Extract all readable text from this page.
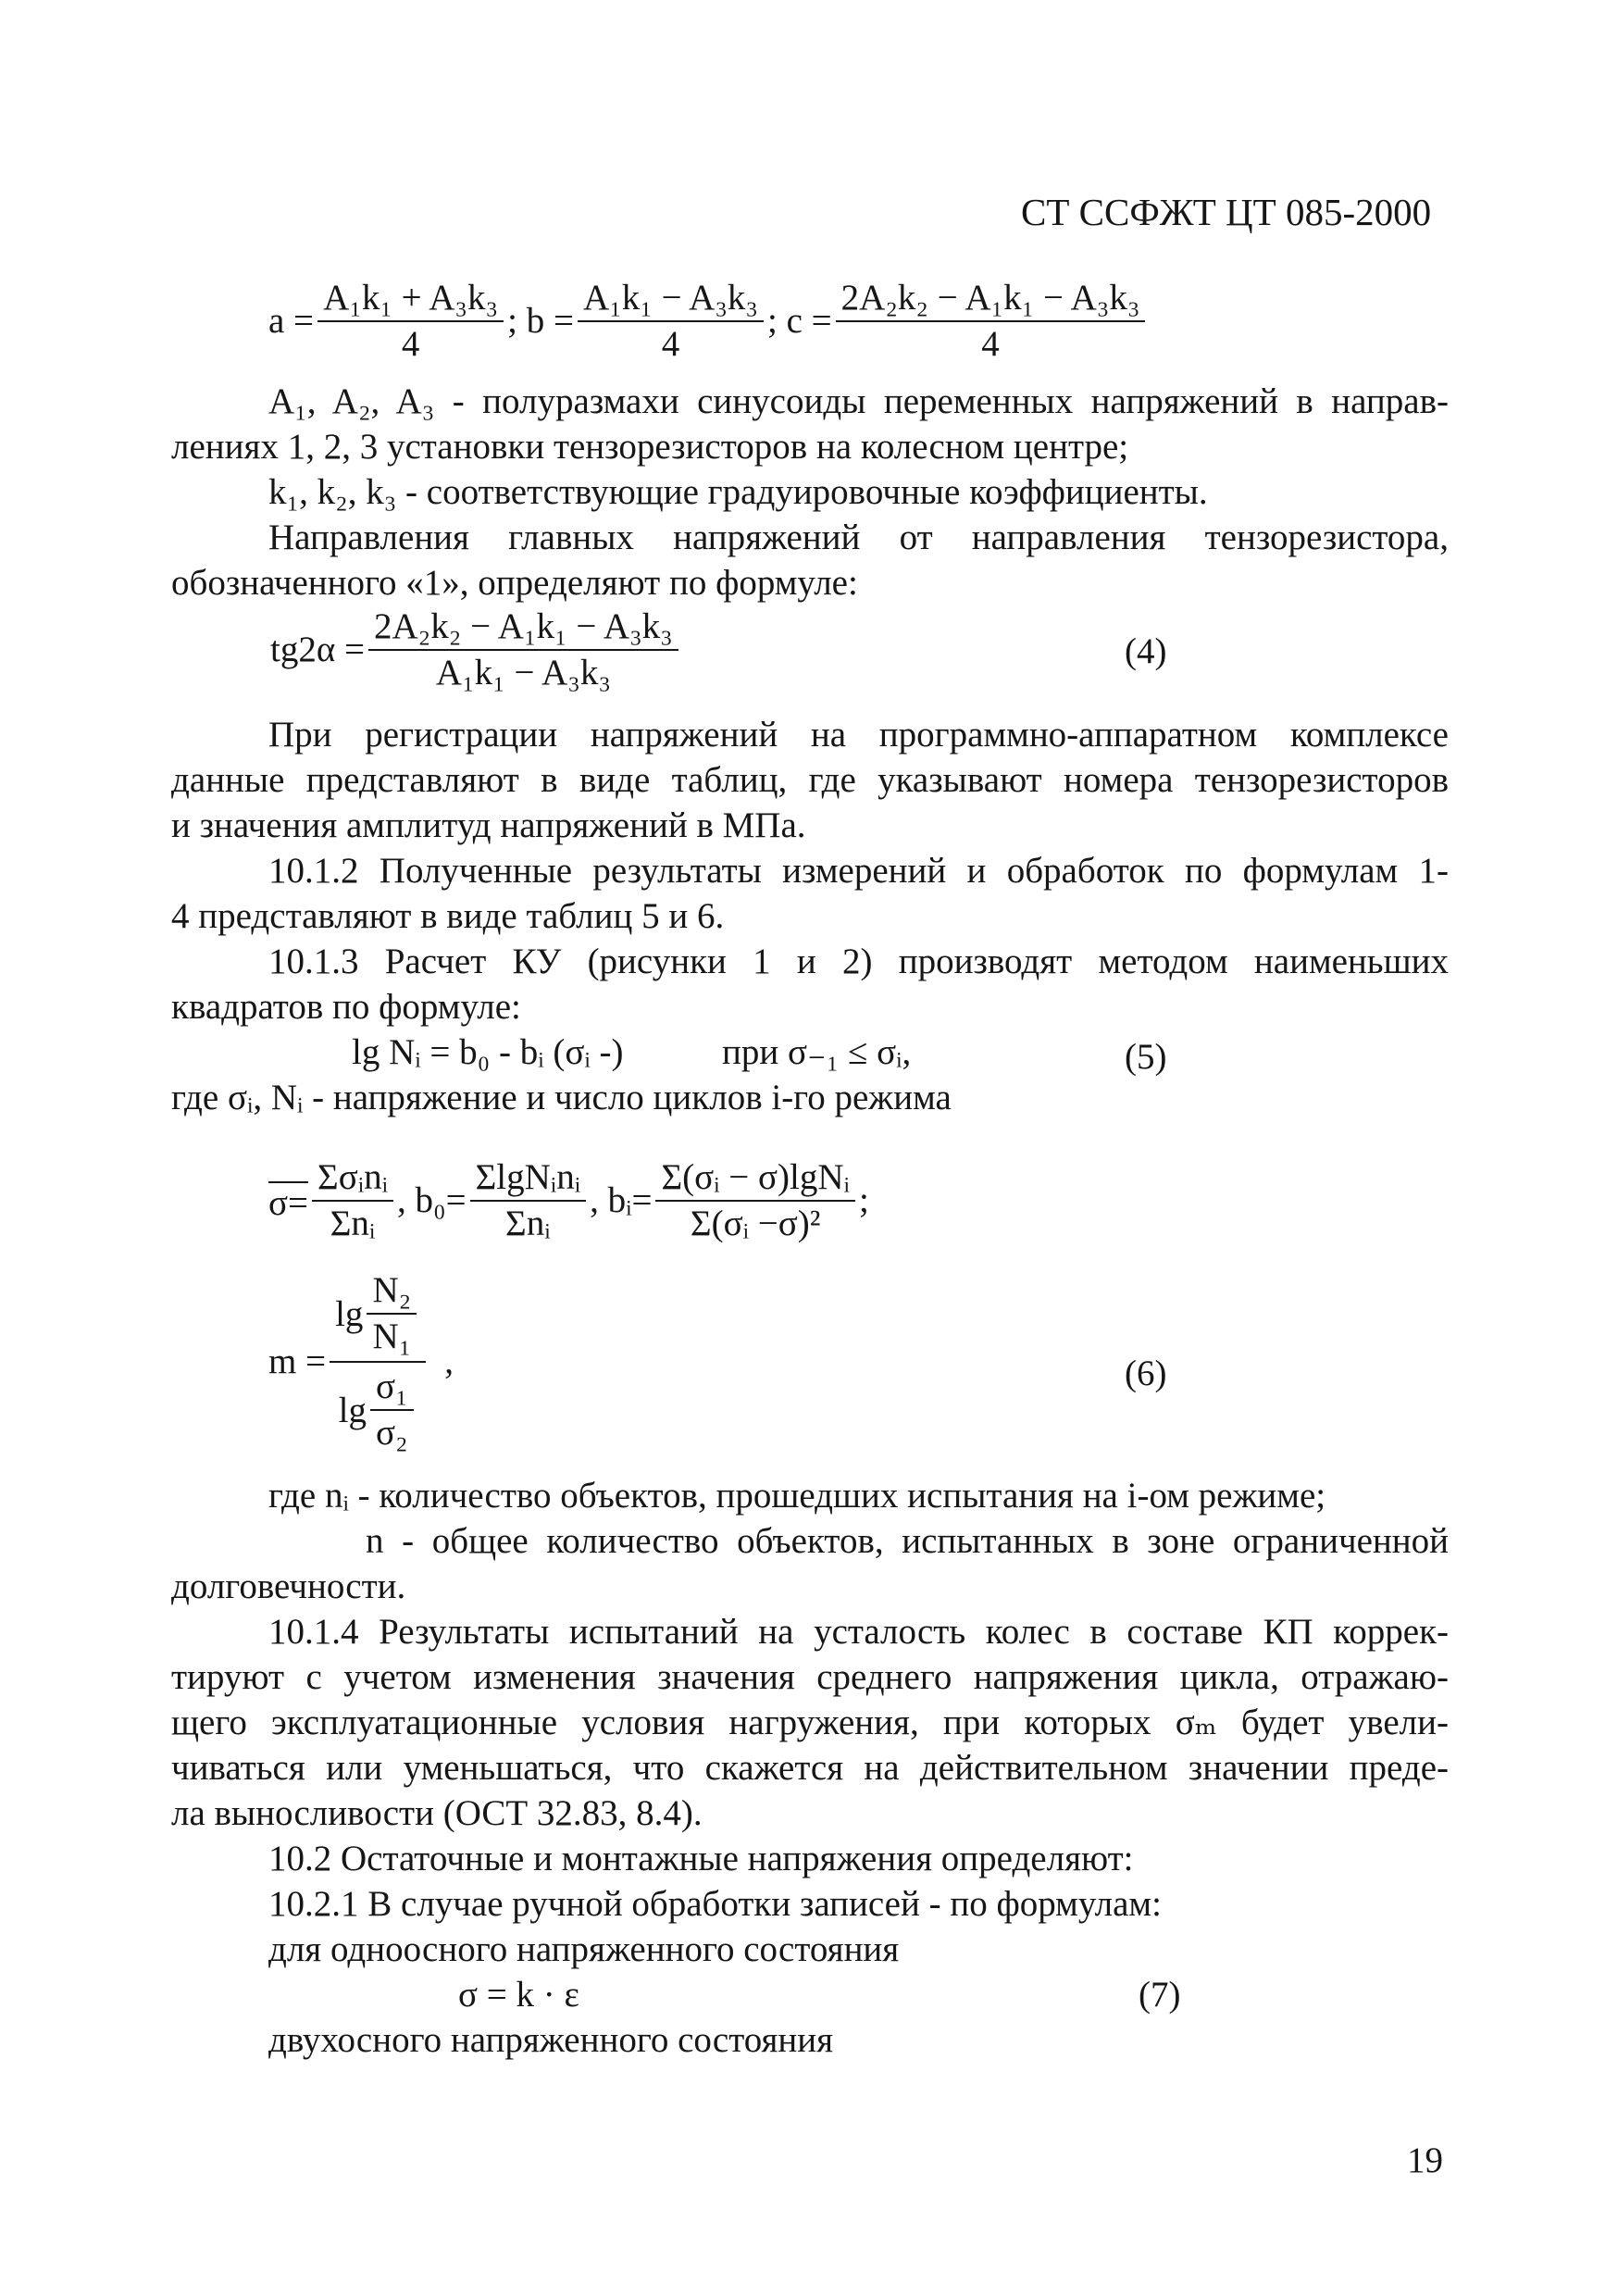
СТ ССФЖТ ЦТ 085-2000
$a = \frac{\text{A₁k₁ + A₃k₃}}{4}$ ; $b = \frac{\text{A₁k₁ − A₃k₃}}{4}$ ; $c = \frac{\text{2A₂k₂ − A₁k₁ − A₃k₃}}{4}$
A₁, A₂, A₃ - полуразмахи синусоиды переменных напряжений в направ-
лениях 1, 2, 3 установки тензорезисторов на колесном центре;
k₁, k₂, k₃ - соответствующие градуировочные коэффициенты.
Направления главных напряжений от направления тензорезистора,
обозначенного «1», определяют по формуле:
$tg2\alpha = \frac{\text{2A₂k₂ − A₁k₁ − A₃k₃}}{\text{A₁k₁ − A₃k₃}}$	(4)
При регистрации напряжений на программно-аппаратном комплексе
данные представляют в виде таблиц, где указывают номера тензорезисторов
и значения амплитуд напряжений в МПа.
10.1.2 Полученные результаты измерений и обработок по формулам 1-
4 представляют в виде таблиц 5 и 6.
10.1.3 Расчет КУ (рисунки 1 и 2) производят методом наименьших
квадратов по формуле:
lg Nᵢ = b₀ - bᵢ (σᵢ -)	при σ₋₁ ≤ σᵢ,	(5)
где σᵢ, Nᵢ - напряжение и число циклов i-го режима
$\sigma= \frac{\text{Σσᵢnᵢ}}{\text{Σnᵢ}}$ , $b_0= \frac{\text{ΣlgNᵢnᵢ}}{\text{Σnᵢ}}$ , bᵢ= $\frac{\text{Σ(σᵢ − σ)lgNᵢ}}{\text{Σ(σᵢ −σ)²}}$ ;
$m = \frac{\lg \frac{\text{N₂}}{\text{N₁}}}{\lg \frac{\text{σ₁}}{\text{σ₂}}}$ ,	(6)
где nᵢ - количество объектов, прошедших испытания на i-ом режиме;
n - общее количество объектов, испытанных в зоне ограниченной
долговечности.
10.1.4 Результаты испытаний на усталость колес в составе КП коррек-
тируют с учетом изменения значения среднего напряжения цикла, отражаю-
щего эксплуатационные условия нагружения, при которых σₘ будет увели-
чиваться или уменьшаться, что скажется на действительном значении преде-
ла выносливости (ОСТ 32.83, 8.4).
10.2 Остаточные и монтажные напряжения определяют:
10.2.1 В случае ручной обработки записей - по формулам:
для одноосного напряженного состояния
σ = k · ε	(7)
двухосного напряженного состояния
19
